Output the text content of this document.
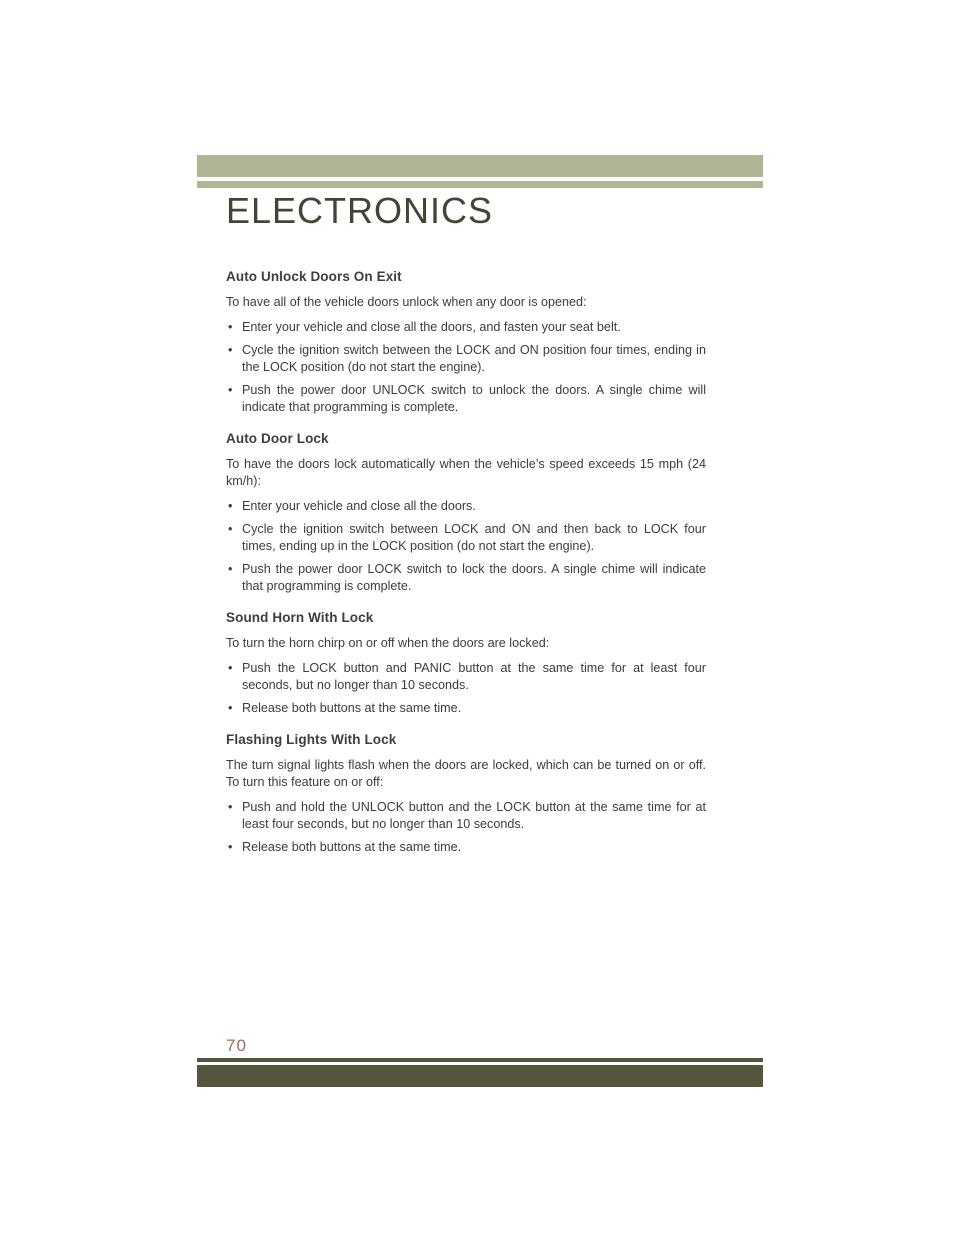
ELECTRONICS
Auto Unlock Doors On Exit

To have all of the vehicle doors unlock when any door is opened:

• Enter your vehicle and close all the doors, and fasten your seat belt.
• Cycle the ignition switch between the LOCK and ON position four times, ending in the LOCK position (do not start the engine).
• Push the power door UNLOCK switch to unlock the doors. A single chime will indicate that programming is complete.
Auto Door Lock

To have the doors lock automatically when the vehicle’s speed exceeds 15 mph (24 km/h):

• Enter your vehicle and close all the doors.
• Cycle the ignition switch between LOCK and ON and then back to LOCK four times, ending up in the LOCK position (do not start the engine).
• Push the power door LOCK switch to lock the doors. A single chime will indicate that programming is complete.
Sound Horn With Lock

To turn the horn chirp on or off when the doors are locked:

• Push the LOCK button and PANIC button at the same time for at least four seconds, but no longer than 10 seconds.
• Release both buttons at the same time.
Flashing Lights With Lock

The turn signal lights flash when the doors are locked, which can be turned on or off. To turn this feature on or off:

• Push and hold the UNLOCK button and the LOCK button at the same time for at least four seconds, but no longer than 10 seconds.
• Release both buttons at the same time.
70
